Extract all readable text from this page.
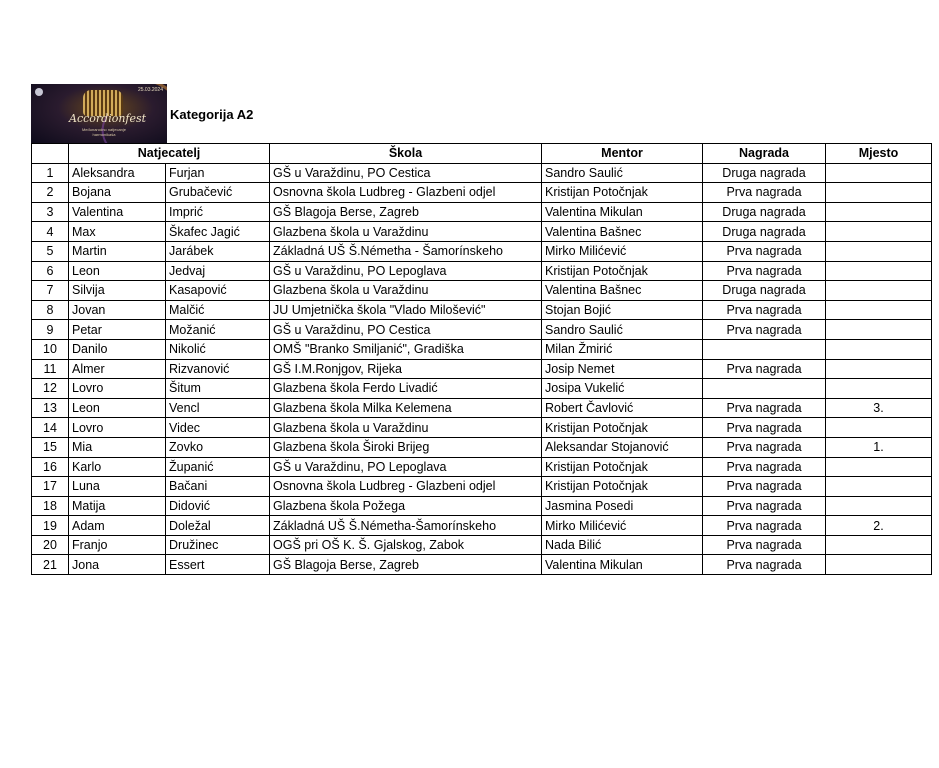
25.03.2024
Accordionfest
Međunarodno natjecanje harmonikaša
Kategorija A2
	Natjecatelj		Škola	Mentor	Nagrada	Mjesto
1	Aleksandra	Furjan	GŠ u Varaždinu, PO Cestica	Sandro Saulić	Druga nagrada	
2	Bojana	Grubačević	Osnovna škola Ludbreg - Glazbeni odjel	Kristijan Potočnjak	Prva nagrada	
3	Valentina	Imprić	GŠ Blagoja Berse, Zagreb	Valentina Mikulan	Druga nagrada	
4	Max	Škafec Jagić	Glazbena škola u Varaždinu	Valentina Bašnec	Druga nagrada	
5	Martin	Jarábek	Základná UŠ Š.Németha - Šamorínskeho	Mirko Milićević	Prva nagrada	
6	Leon	Jedvaj	GŠ u Varaždinu, PO Lepoglava	Kristijan Potočnjak	Prva nagrada	
7	Silvija	Kasapović	Glazbena škola u Varaždinu	Valentina Bašnec	Druga nagrada	
8	Jovan	Malčić	JU Umjetnička škola "Vlado Milošević"	Stojan Bojić	Prva nagrada	
9	Petar	Možanić	GŠ u Varaždinu, PO Cestica	Sandro Saulić	Prva nagrada	
10	Danilo	Nikolić	OMŠ "Branko Smiljanić", Gradiška	Milan Žmirić		
11	Almer	Rizvanović	GŠ I.M.Ronjgov, Rijeka	Josip Nemet	Prva nagrada	
12	Lovro	Šitum	Glazbena škola Ferdo Livadić	Josipa Vukelić		
13	Leon	Vencl	Glazbena škola Milka Kelemena	Robert Čavlović	Prva nagrada	3.
14	Lovro	Videc	Glazbena škola u Varaždinu	Kristijan Potočnjak	Prva nagrada	
15	Mia	Zovko	Glazbena škola Široki Brijeg	Aleksandar Stojanović	Prva nagrada	1.
16	Karlo	Županić	GŠ u Varaždinu, PO Lepoglava	Kristijan Potočnjak	Prva nagrada	
17	Luna	Bačani	Osnovna škola Ludbreg - Glazbeni odjel	Kristijan Potočnjak	Prva nagrada	
18	Matija	Didović	Glazbena škola Požega	Jasmina Posedi	Prva nagrada	
19	Adam	Doležal	Základná UŠ Š.Németha-Šamorínskeho	Mirko Milićević	Prva nagrada	2.
20	Franjo	Družinec	OGŠ pri OŠ K. Š. Gjalskog, Zabok	Nada Bilić	Prva nagrada	
21	Jona	Essert	GŠ Blagoja Berse, Zagreb	Valentina Mikulan	Prva nagrada	
